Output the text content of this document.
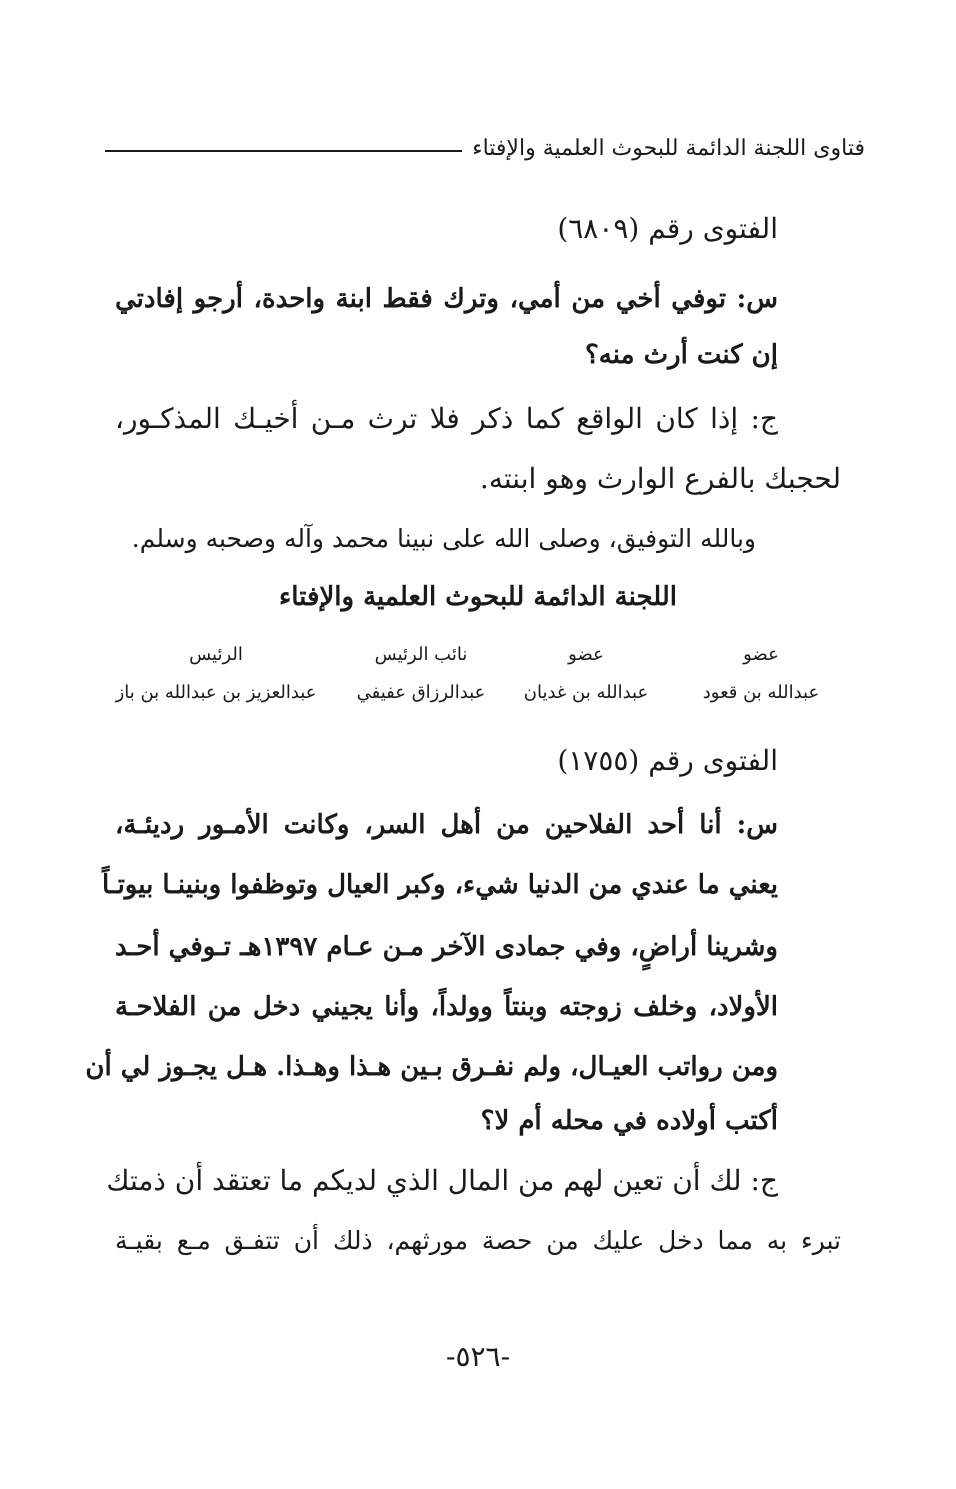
فتاوى اللجنة الدائمة للبحوث العلمية والإفتاء
الفتوى رقم (٦٨٠٩)
س: توفي أخي من أمي، وترك فقط ابنة واحدة، أرجو إفادتي
إن كنت أرث منه؟
ج: إذا كان الواقع كما ذكر فلا ترث مـن أخيـك المذكـور،
لحجبك بالفرع الوارث وهو ابنته.
وبالله التوفيق، وصلى الله على نبينا محمد وآله وصحبه وسلم.
اللجنة الدائمة للبحوث العلمية والإفتاء
الرئيس
عبدالعزيز بن عبدالله بن باز
نائب الرئيس
عبدالرزاق عفيفي
عضو
عبدالله بن غديان
عضو
عبدالله بن قعود
الفتوى رقم (١٧٥٥)
س: أنا أحد الفلاحين من أهل السر، وكانت الأمـور رديئـة،
يعني ما عندي من الدنيا شيء، وكبر العيال وتوظفوا وبنينـا بيوتـاً
وشرينا أراضٍ، وفي جمادى الآخر مـن عـام ١٣٩٧هـ تـوفي أحـد
الأولاد، وخلف زوجته وبنتاً وولداً، وأنا يجيني دخل من الفلاحـة
ومن رواتب العيـال، ولم نفـرق بـين هـذا وهـذا. هـل يجـوز لي أن
أكتب أولاده في محله أم لا؟
ج: لك أن تعين لهم من المال الذي لديكم ما تعتقد أن ذمتك
تبرء به مما دخل عليك من حصة مورثهم، ذلك أن تتفـق مـع بقيـة
-٥٢٦-
